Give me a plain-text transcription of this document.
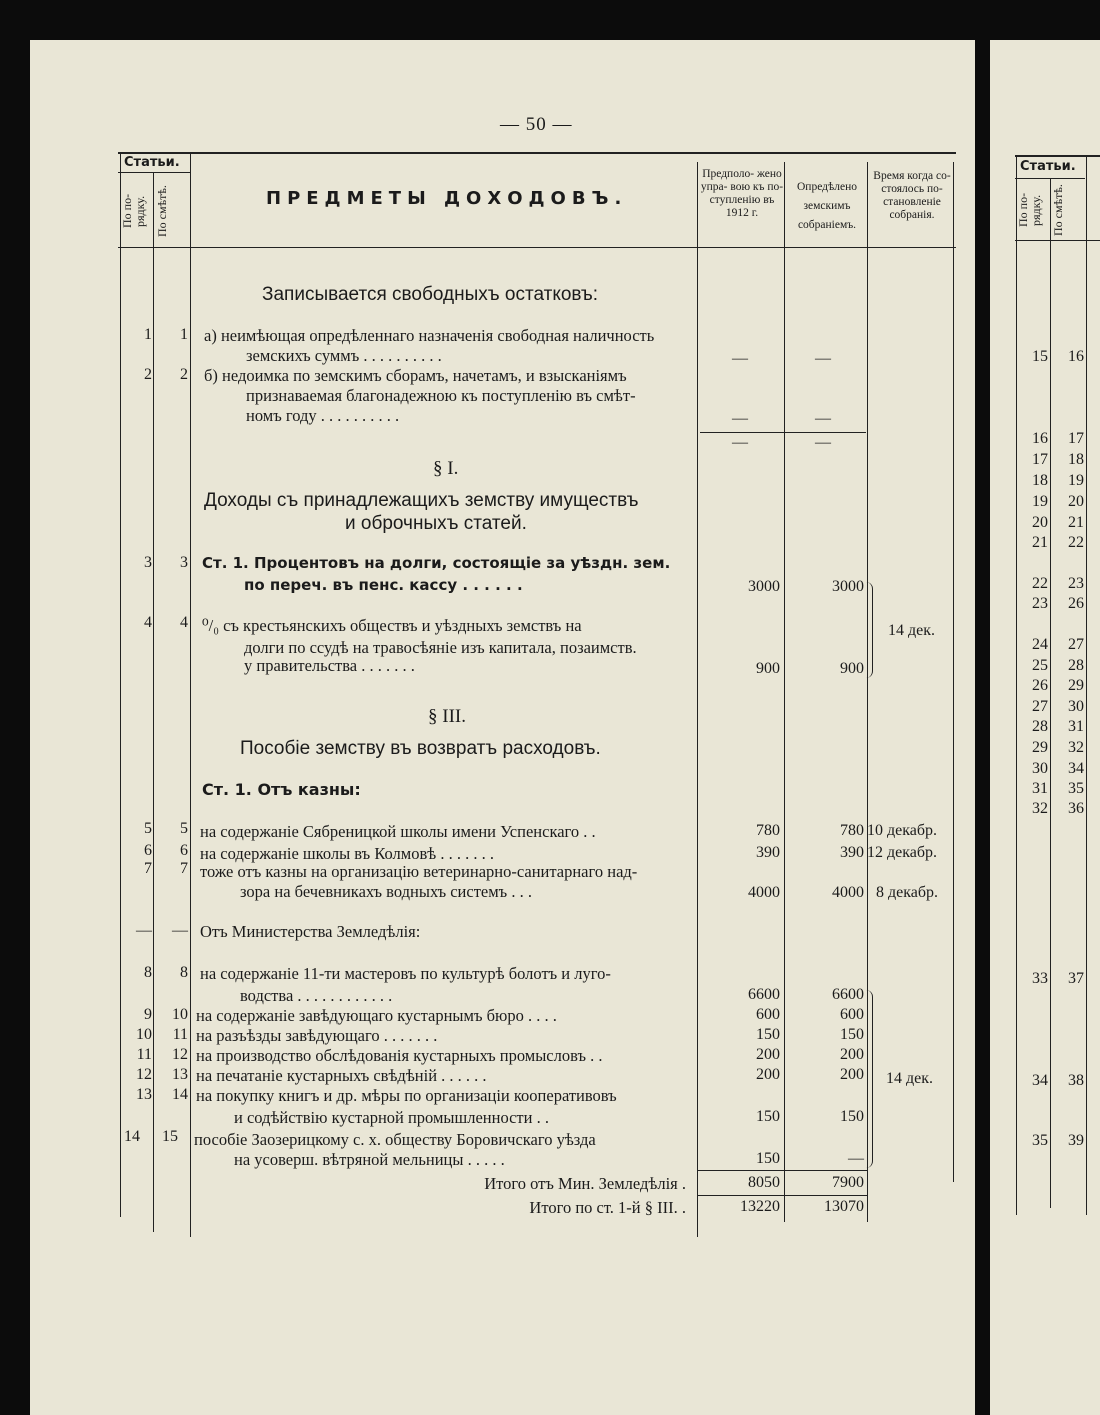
— 50 —
Статьи.
По по- рядку. По смѣтѣ.	ПРЕДМЕТЫ ДОХОДОВЪ.
Предполо- жено упра- вою къ по- ступленію въ 1912 г.
Опредѣлено земскимъ собраніемъ.
Время когда со- стоялось по- становленіе собранія.
Записывается свободныхъ остатковъ:
1	1 а) неимѣющая опредѣленнаго назначенія свободная наличность
земскихъ суммъ . . . . . . . . . .	—	—
2	2 б) недоимка по земскимъ сборамъ, начетамъ, и взысканіямъ
признаваемая благонадежною къ поступленію въ смѣт-
номъ году . . . . . . . . . .	—	—
—	—
§ I.
Доходы съ принадлежащихъ земству имуществъ
и оброчныхъ статей.
3	3 Ст. 1. Процентовъ на долги, состоящіе за уѣздн. зем.
по переч. въ пенс. кассу . . . . . .	3000	3000
4	4 ⁰/₀ съ крестьянскихъ обществъ и уѣздныхъ земствъ на
долги по ссудѣ на травосѣяніе изъ капитала, позаимств.
у правительства . . . . . . .	900	900
14 дек.
§ III.
Пособіе земству въ возвратъ расходовъ.
Ст. 1. Отъ казны:
5	5 на содержаніе Сябреницкой школы имени Успенскаго . .	780	780 10 декабр.
6	6 на содержаніе школы въ Колмовѣ . . . . . . .	390	390 12 декабр.
7	7 тоже отъ казны на организацію ветеринарно-санитарнаго над-
зора на бечевникахъ водныхъ системъ . . .	4000	4000 8 декабр.
—	— Отъ Министерства Земледѣлія:
8	8 на содержаніе 11-ти мастеровъ по культурѣ болотъ и луго-
водства . . . . . . . . . . . .	6600	6600
9	10 на содержаніе завѣдующаго кустарнымъ бюро . . . .	600	600
10	11 на разъѣзды завѣдующаго . . . . . . .	150	150
11	12 на производство обслѣдованія кустарныхъ промысловъ . .	200	200
12	13 на печатаніе кустарныхъ свѣдѣній . . . . . .	200	200
13	14 на покупку книгъ и др. мѣры по организаціи кооперативовъ
и содѣйствію кустарной промышленности . .	150	150
14	15 пособіе Заозерицкому с. х. обществу Боровичскаго уѣзда
на усоверш. вѣтряной мельницы . . . . .	150	—
14 дек.
Итого отъ Мин. Земледѣлія .	8050	7900
Итого по ст. 1-й § III. .	13220	13070
Статьи.
По по- рядку. По смѣтѣ.
15	16
16	17
17	18
18	19
19	20
20	21
21	22
22	23
23	26
24	27
25	28
26	29
27	30
28	31
29	32
30	34
31	35
32	36
33	37
34	38
35	39
